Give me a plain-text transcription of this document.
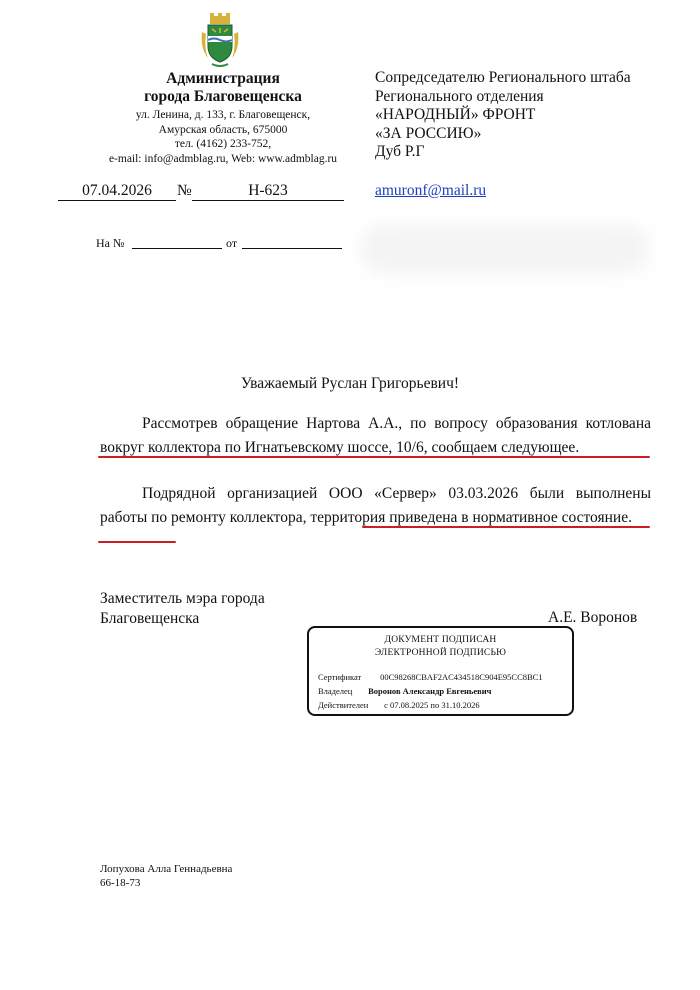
Администрация
города Благовещенска
ул. Ленина, д. 133, г. Благовещенск,
Амурская область, 675000
тел. (4162) 233-752,
e-mail: info@admblag.ru, Web: www.admblag.ru
Сопредседателю Регионального штаба
Регионального отделения
«НАРОДНЫЙ» ФРОНТ
«ЗА РОССИЮ»
Дуб Р.Г
amuronf@mail.ru
07.04.2026	№	Н-623
На №	от
Уважаемый Руслан Григорьевич!

Рассмотрев обращение Нартова А.А., по вопросу образования котлована вокруг коллектора по Игнатьевскому шоссе, 10/6, сообщаем следующее.

Подрядной организацией ООО «Сервер» 03.03.2026 были выполнены работы по ремонту коллектора, территория приведена в нормативное состояние.

Заместитель мэра города
Благовещенска	А.Е. Воронов
ДОКУМЕНТ ПОДПИСАН
ЭЛЕКТРОННОЙ ПОДПИСЬЮ
Сертификат 00C98268CBAF2AC434518C904E95CC8BC1
Владелец Воронов Александр Евгеньевич
Действителен с 07.08.2025 по 31.10.2026
Лопухова Алла Геннадьевна
66-18-73
